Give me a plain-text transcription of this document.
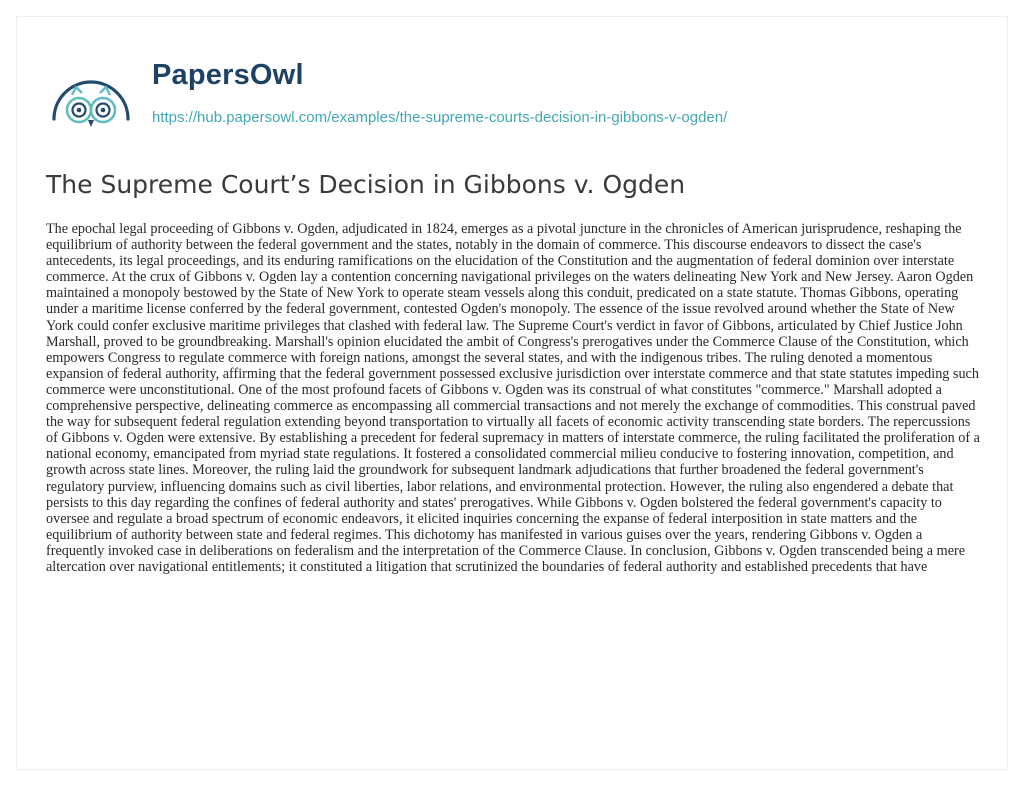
PapersOwl
https://hub.papersowl.com/examples/the-supreme-courts-decision-in-gibbons-v-ogden/
The Supreme Court’s Decision in Gibbons v. Ogden

The epochal legal proceeding of Gibbons v. Ogden, adjudicated in 1824, emerges as a pivotal juncture in the chronicles of American jurisprudence, reshaping the equilibrium of authority between the federal government and the states, notably in the domain of commerce. This discourse endeavors to dissect the case's antecedents, its legal proceedings, and its enduring ramifications on the elucidation of the Constitution and the augmentation of federal dominion over interstate commerce. At the crux of Gibbons v. Ogden lay a contention concerning navigational privileges on the waters delineating New York and New Jersey. Aaron Ogden maintained a monopoly bestowed by the State of New York to operate steam vessels along this conduit, predicated on a state statute. Thomas Gibbons, operating under a maritime license conferred by the federal government, contested Ogden's monopoly. The essence of the issue revolved around whether the State of New York could confer exclusive maritime privileges that clashed with federal law. The Supreme Court's verdict in favor of Gibbons, articulated by Chief Justice John Marshall, proved to be groundbreaking. Marshall's opinion elucidated the ambit of Congress's prerogatives under the Commerce Clause of the Constitution, which empowers Congress to regulate commerce with foreign nations, amongst the several states, and with the indigenous tribes. The ruling denoted a momentous expansion of federal authority, affirming that the federal government possessed exclusive jurisdiction over interstate commerce and that state statutes impeding such commerce were unconstitutional. One of the most profound facets of Gibbons v. Ogden was its construal of what constitutes "commerce." Marshall adopted a comprehensive perspective, delineating commerce as encompassing all commercial transactions and not merely the exchange of commodities. This construal paved the way for subsequent federal regulation extending beyond transportation to virtually all facets of economic activity transcending state borders. The repercussions of Gibbons v. Ogden were extensive. By establishing a precedent for federal supremacy in matters of interstate commerce, the ruling facilitated the proliferation of a national economy, emancipated from myriad state regulations. It fostered a consolidated commercial milieu conducive to fostering innovation, competition, and growth across state lines. Moreover, the ruling laid the groundwork for subsequent landmark adjudications that further broadened the federal government's regulatory purview, influencing domains such as civil liberties, labor relations, and environmental protection. However, the ruling also engendered a debate that persists to this day regarding the confines of federal authority and states' prerogatives. While Gibbons v. Ogden bolstered the federal government's capacity to oversee and regulate a broad spectrum of economic endeavors, it elicited inquiries concerning the expanse of federal interposition in state matters and the equilibrium of authority between state and federal regimes. This dichotomy has manifested in various guises over the years, rendering Gibbons v. Ogden a frequently invoked case in deliberations on federalism and the interpretation of the Commerce Clause. In conclusion, Gibbons v. Ogden transcended being a mere altercation over navigational entitlements; it constituted a litigation that scrutinized the boundaries of federal authority and established precedents that have
